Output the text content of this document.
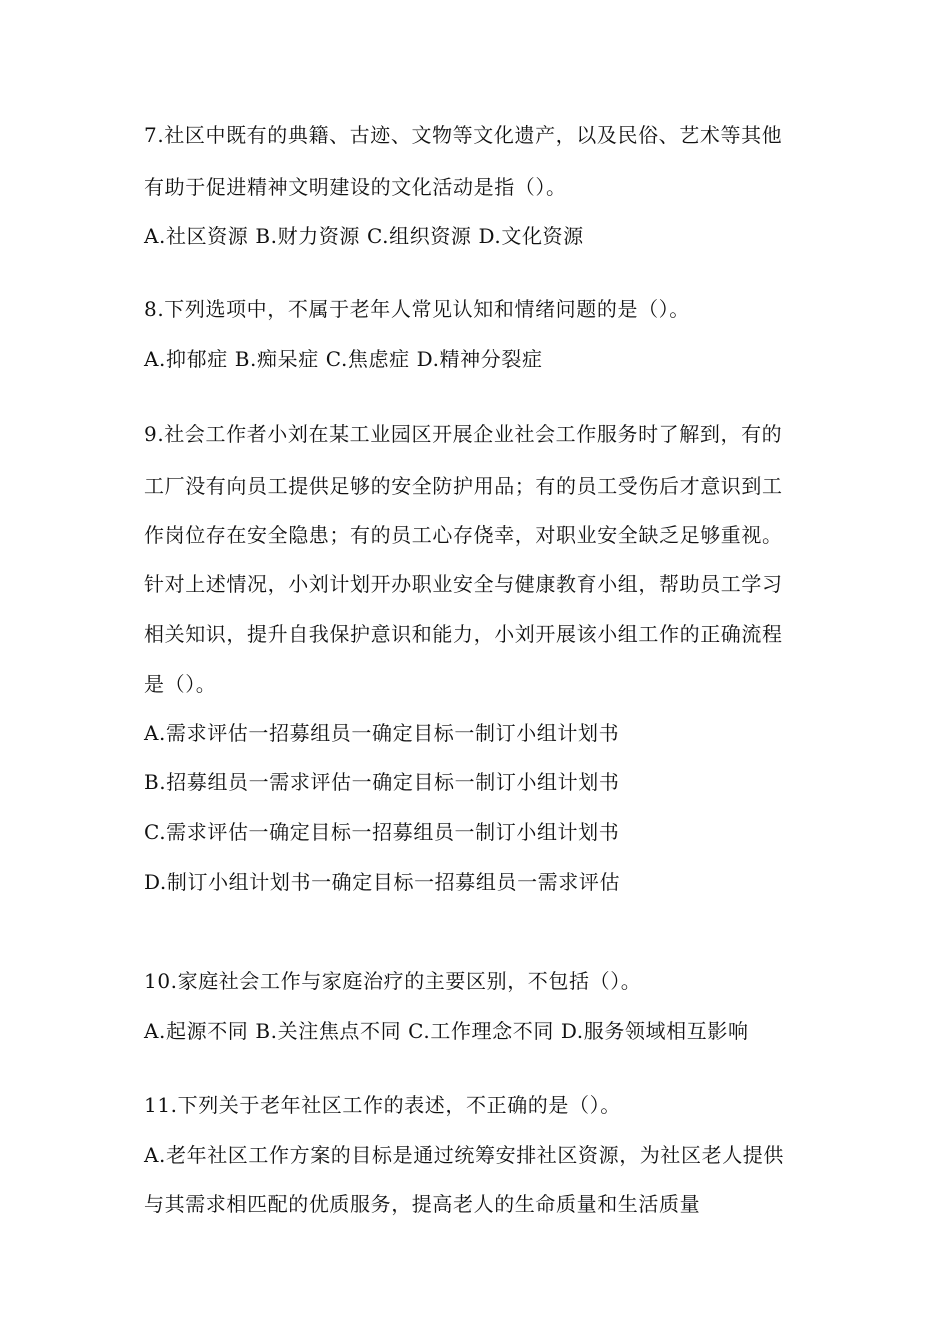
7.社区中既有的典籍、古迹、文物等文化遗产，以及民俗、艺术等其他
有助于促进精神文明建设的文化活动是指（）。
A.社区资源 B.财力资源 C.组织资源 D.文化资源
8.下列选项中，不属于老年人常见认知和情绪问题的是（）。
A.抑郁症 B.痴呆症 C.焦虑症 D.精神分裂症
9.社会工作者小刘在某工业园区开展企业社会工作服务时了解到，有的
工厂没有向员工提供足够的安全防护用品；有的员工受伤后才意识到工
作岗位存在安全隐患；有的员工心存侥幸，对职业安全缺乏足够重视。
针对上述情况，小刘计划开办职业安全与健康教育小组，帮助员工学习
相关知识，提升自我保护意识和能力，小刘开展该小组工作的正确流程
是（）。
A.需求评估一招募组员一确定目标一制订小组计划书
B.招募组员一需求评估一确定目标一制订小组计划书
C.需求评估一确定目标一招募组员一制订小组计划书
D.制订小组计划书一确定目标一招募组员一需求评估
10.家庭社会工作与家庭治疗的主要区别，不包括（）。
A.起源不同 B.关注焦点不同 C.工作理念不同 D.服务领域相互影响
11.下列关于老年社区工作的表述，不正确的是（）。
A.老年社区工作方案的目标是通过统筹安排社区资源，为社区老人提供
与其需求相匹配的优质服务，提高老人的生命质量和生活质量
